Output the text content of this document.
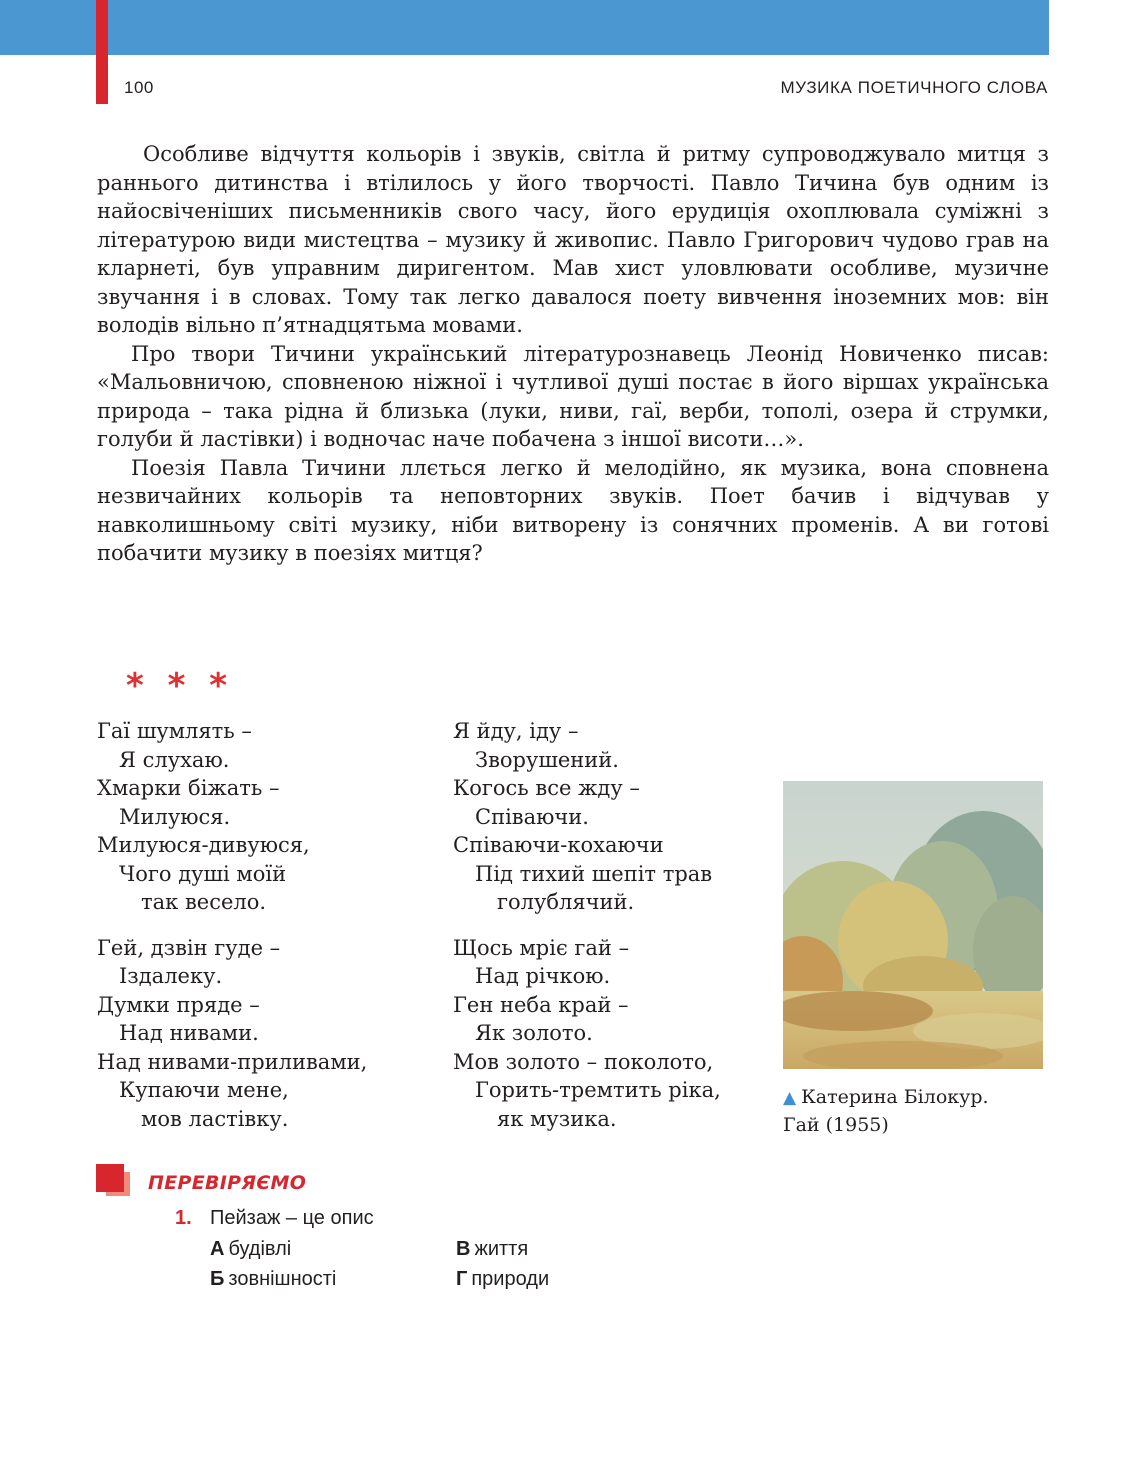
100	МУЗИКА ПОЕТИЧНОГО СЛОВА

Особливе відчуття кольорів і звуків, світла й ритму супроводжувало митця з раннього дитинства і втілилось у його творчості. Павло Тичина був одним із найосвіченіших письменників свого часу, його ерудиція охоплювала суміжні з літературою види мистецтва – музику й живопис. Павло Григорович чудово грав на кларнеті, був управним диригентом. Мав хист уловлювати особливе, музичне звучання і в словах. Тому так легко давалося поету вивчення іноземних мов: він володів вільно п’ятнадцятьма мовами.

Про твори Тичини український літературознавець Леонід Новиченко писав: «Мальовничою, сповненою ніжної і чутливої душі постає в його віршах українська природа – така рідна й близька (луки, ниви, гаї, верби, тополі, озера й струмки, голуби й ластівки) і водночас наче побачена з іншої висоти…».

Поезія Павла Тичини ллється легко й мелодійно, як музика, вона сповнена незвичайних кольорів та неповторних звуків. Поет бачив і відчував у навколишньому світі музику, ніби витворену із сонячних променів. А ви готові побачити музику в поезіях митця?

* * *
Гаї шумлять –
Я слухаю.
Хмарки біжать –
Милуюся.
Милуюся-дивуюся,
Чого душі моїй
так весело.
Гей, дзвін гуде –
Іздалеку.
Думки пряде –
Над нивами.
Над нивами-приливами,
Купаючи мене,
мов ластівку.
Я йду, іду –
Зворушений.
Когось все жду –
Співаючи.
Співаючи-кохаючи
Під тихий шепіт трав
голублячий.
Щось мріє гай –
Над річкою.
Ген неба край –
Як золото.
Мов золото – поколото,
Горить-тремтить ріка,
як музика.
▲ Катерина Білокур.
Гай (1955)
ПЕРЕВІРЯЄМО
1. Пейзаж – це опис
А будівлі
Б зовнішності
В життя
Г природи
